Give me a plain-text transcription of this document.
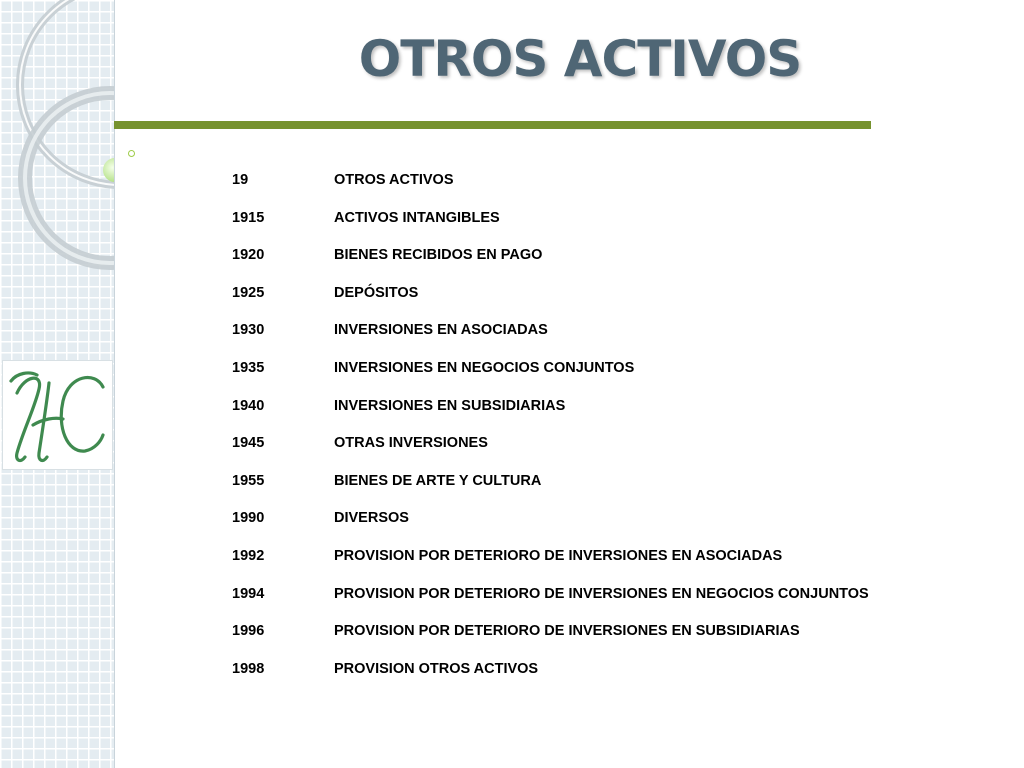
OTROS ACTIVOS
19	OTROS ACTIVOS
1915	ACTIVOS INTANGIBLES
1920	BIENES RECIBIDOS EN PAGO
1925	DEPÓSITOS
1930	INVERSIONES EN ASOCIADAS
1935	INVERSIONES EN NEGOCIOS CONJUNTOS
1940	INVERSIONES EN SUBSIDIARIAS
1945	OTRAS INVERSIONES
1955	BIENES DE ARTE Y CULTURA
1990	DIVERSOS
1992	PROVISION POR DETERIORO DE INVERSIONES EN ASOCIADAS
1994	PROVISION POR DETERIORO DE INVERSIONES EN NEGOCIOS CONJUNTOS
1996	PROVISION POR DETERIORO DE INVERSIONES EN SUBSIDIARIAS
1998	PROVISION OTROS ACTIVOS
